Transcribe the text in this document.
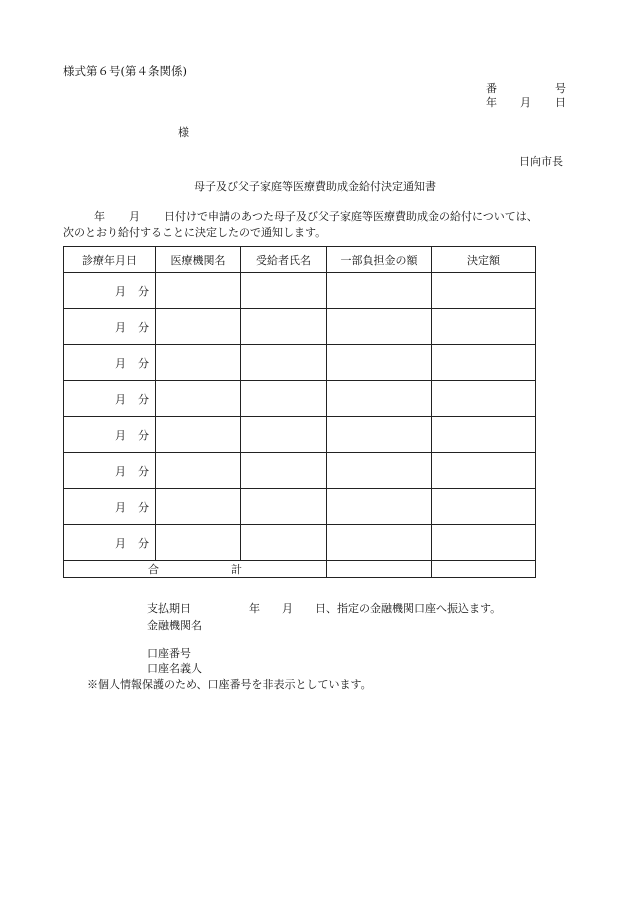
様式第６号(第４条関係)
番	号
年 月 日
様
日向市長
母子及び父子家庭等医療費助成金給付決定通知書
年 月 日付けで申請のあつた母子及び父子家庭等医療費助成金の給付については、
次のとおり給付することに決定したので通知します。
診療年月日	医療機関名	受給者氏名	一部負担金の額	決定額
月 分				
月 分				
月 分				
月 分				
月 分				
月 分				
月 分				
月 分				
合 計				
支払期日	年 月 日、指定の金融機関口座へ振込ます。
金融機関名
口座番号
口座名義人
※個人情報保護のため、口座番号を非表示としています。
